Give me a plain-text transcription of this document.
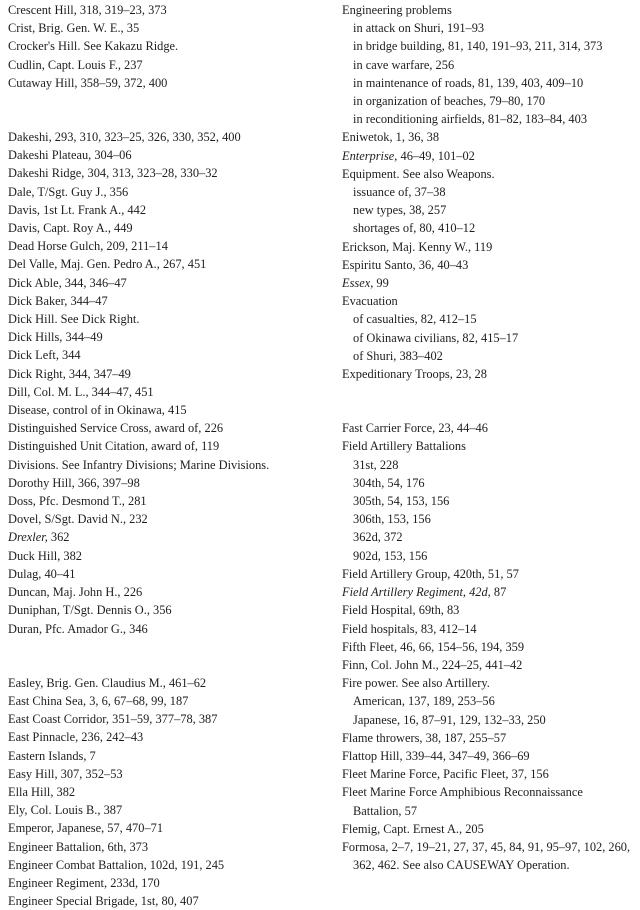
Crescent Hill, 318, 319–23, 373
Crist, Brig. Gen. W. E., 35
Crocker's Hill. See Kakazu Ridge.
Cudlin, Capt. Louis F., 237
Cutaway Hill, 358–59, 372, 400
Dakeshi, 293, 310, 323–25, 326, 330, 352, 400
Dakeshi Plateau, 304–06
Dakeshi Ridge, 304, 313, 323–28, 330–32
Dale, T/Sgt. Guy J., 356
Davis, 1st Lt. Frank A., 442
Davis, Capt. Roy A., 449
Dead Horse Gulch, 209, 211–14
Del Valle, Maj. Gen. Pedro A., 267, 451
Dick Able, 344, 346–47
Dick Baker, 344–47
Dick Hill. See Dick Right.
Dick Hills, 344–49
Dick Left, 344
Dick Right, 344, 347–49
Dill, Col. M. L., 344–47, 451
Disease, control of in Okinawa, 415
Distinguished Service Cross, award of, 226
Distinguished Unit Citation, award of, 119
Divisions. See Infantry Divisions; Marine Divisions.
Dorothy Hill, 366, 397–98
Doss, Pfc. Desmond T., 281
Dovel, S/Sgt. David N., 232
Drexler, 362
Duck Hill, 382
Dulag, 40–41
Duncan, Maj. John H., 226
Duniphan, T/Sgt. Dennis O., 356
Duran, Pfc. Amador G., 346
Easley, Brig. Gen. Claudius M., 461–62
East China Sea, 3, 6, 67–68, 99, 187
East Coast Corridor, 351–59, 377–78, 387
East Pinnacle, 236, 242–43
Eastern Islands, 7
Easy Hill, 307, 352–53
Ella Hill, 382
Ely, Col. Louis B., 387
Emperor, Japanese, 57, 470–71
Engineer Battalion, 6th, 373
Engineer Combat Battalion, 102d, 191, 245
Engineer Regiment, 233d, 170
Engineer Special Brigade, 1st, 80, 407
Engineering problems
in attack on Shuri, 191–93
in bridge building, 81, 140, 191–93, 211, 314, 373
in cave warfare, 256
in maintenance of roads, 81, 139, 403, 409–10
in organization of beaches, 79–80, 170
in reconditioning airfields, 81–82, 183–84, 403
Eniwetok, 1, 36, 38
Enterprise, 46–49, 101–02
Equipment. See also Weapons.
issuance of, 37–38
new types, 38, 257
shortages of, 80, 410–12
Erickson, Maj. Kenny W., 119
Espiritu Santo, 36, 40–43
Essex, 99
Evacuation
of casualties, 82, 412–15
of Okinawa civilians, 82, 415–17
of Shuri, 383–402
Expeditionary Troops, 23, 28
Fast Carrier Force, 23, 44–46
Field Artillery Battalions
31st, 228
304th, 54, 176
305th, 54, 153, 156
306th, 153, 156
362d, 372
902d, 153, 156
Field Artillery Group, 420th, 51, 57
Field Artillery Regiment, 42d, 87
Field Hospital, 69th, 83
Field hospitals, 83, 412–14
Fifth Fleet, 46, 66, 154–56, 194, 359
Finn, Col. John M., 224–25, 441–42
Fire power. See also Artillery.
American, 137, 189, 253–56
Japanese, 16, 87–91, 129, 132–33, 250
Flame throwers, 38, 187, 255–57
Flattop Hill, 339–44, 347–49, 366–69
Fleet Marine Force, Pacific Fleet, 37, 156
Fleet Marine Force Amphibious Reconnaissance Battalion, 57
Flemig, Capt. Ernest A., 205
Formosa, 2–7, 19–21, 27, 37, 45, 84, 91, 95–97, 102, 260, 362, 462. See also CAUSEWAY Operation.
